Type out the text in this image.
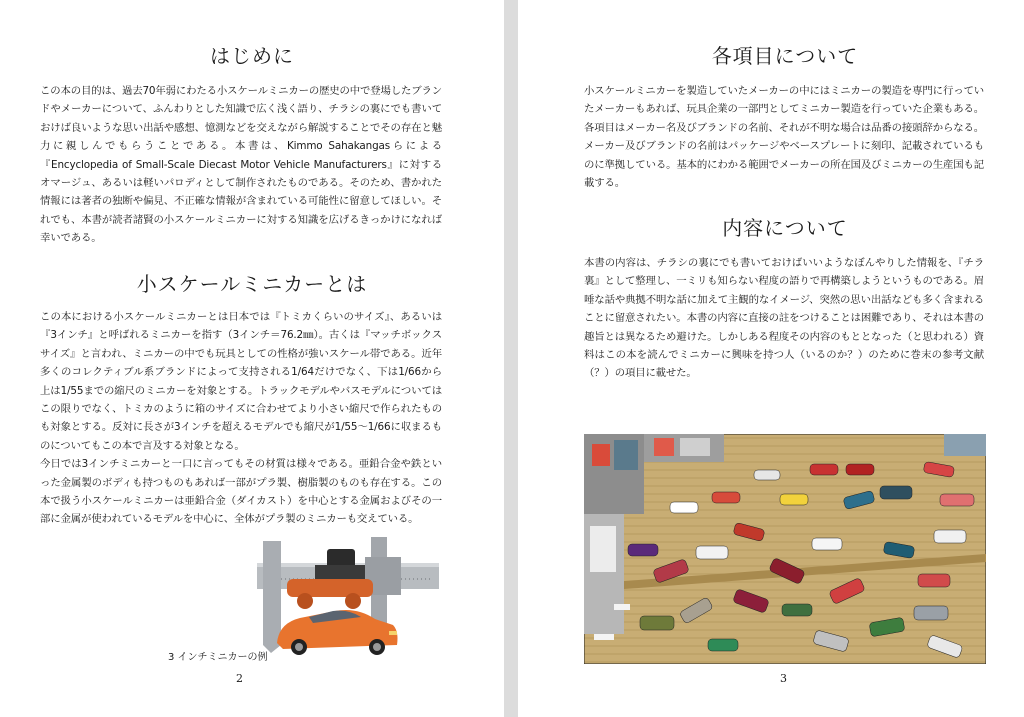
はじめに

この本の目的は、過去70年弱にわたる小スケールミニカーの歴史の中で登場したブランドやメーカーについて、ふんわりとした知識で広く浅く語り、チラシの裏にでも書いておけば良いような思い出話や感想、憶測などを交えながら解説することでその存在と魅力に親しんでもらうことである。本書は、Kimmo Sahakangasらによる『Encyclopedia of Small-Scale Diecast Motor Vehicle Manufacturers』に対するオマージュ、あるいは軽いパロディとして制作されたものである。そのため、書かれた情報には著者の独断や偏見、不正確な情報が含まれている可能性に留意してほしい。それでも、本書が読者諸賢の小スケールミニカーに対する知識を広げるきっかけになれば幸いである。

小スケールミニカーとは

この本における小スケールミニカーとは日本では『トミカくらいのサイズ』、あるいは『3インチ』と呼ばれるミニカーを指す（3インチ＝76.2㎜）。古くは『マッチボックスサイズ』と言われ、ミニカーの中でも玩具としての性格が強いスケール帯である。近年多くのコレクティブル系ブランドによって支持される1/64だけでなく、下は1/66から上は1/55までの縮尺のミニカーを対象とする。トラックモデルやバスモデルについてはこの限りでなく、トミカのように箱のサイズに合わせてより小さい縮尺で作られたものも対象とする。反対に長さが3インチを超えるモデルでも縮尺が1/55～1/66に収まるものについてもこの本で言及する対象となる。

今日では3インチミニカーと一口に言ってもその材質は様々である。亜鉛合金や鉄といった金属製のボディも持つものもあれば一部がプラ製、樹脂製のものも存在する。この本で扱う小スケールミニカーは亜鉛合金（ダイカスト）を中心とする金属およびその一部に金属が使われているモデルを中心に、全体がプラ製のミニカーも交えている。

3 インチミニカーの例
2
各項目について

小スケールミニカーを製造していたメーカーの中にはミニカーの製造を専門に行っていたメーカーもあれば、玩具企業の一部門としてミニカー製造を行っていた企業もある。各項目はメーカー名及びブランドの名前、それが不明な場合は品番の接頭辞からなる。メーカー及びブランドの名前はパッケージやベースプレートに刻印、記載されているものに準拠している。基本的にわかる範囲でメーカーの所在国及びミニカーの生産国も記載する。

内容について

本書の内容は、チラシの裏にでも書いておけばいいようなぼんやりした情報を、『チラ裏』として整理し、一ミリも知らない程度の語りで再構築しようというものである。眉唾な話や典拠不明な話に加えて主観的なイメージ、突然の思い出話なども多く含まれることに留意されたい。本書の内容に直接の註をつけることは困難であり、それは本書の趣旨とは異なるため避けた。しかしある程度その内容のもととなった（と思われる）資料はこの本を読んでミニカーに興味を持つ人（いるのか？）のために巻末の参考文献（？）の項目に載せた。

3
